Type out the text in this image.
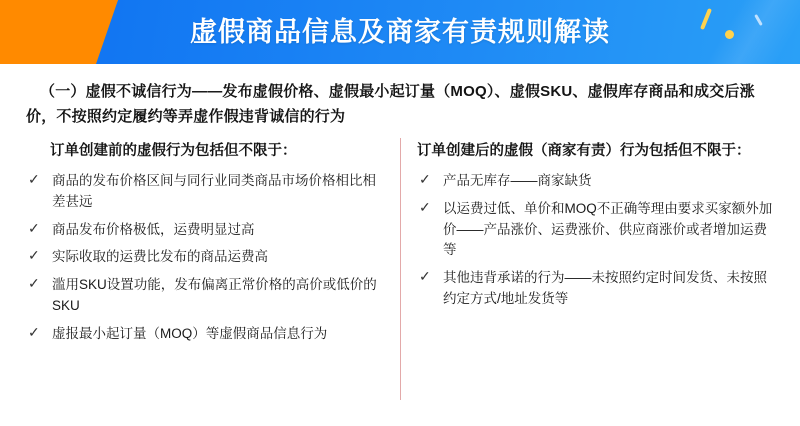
虚假商品信息及商家有责规则解读

（一）虚假不诚信行为——发布虚假价格、虚假最小起订量（MOQ）、虚假SKU、虚假库存商品和成交后涨价，不按照约定履约等弄虚作假违背诚信的行为

订单创建前的虚假行为包括但不限于：
✓ 商品的发布价格区间与同行业同类商品市场价格相比相差甚远
✓ 商品发布价格极低，运费明显过高
✓ 实际收取的运费比发布的商品运费高
✓ 滥用SKU设置功能，发布偏离正常价格的高价或低价的SKU
✓ 虚报最小起订量（MOQ）等虚假商品信息行为
订单创建后的虚假（商家有责）行为包括但不限于：
✓ 产品无库存——商家缺货
✓ 以运费过低、单价和MOQ不正确等理由要求买家额外加价——产品涨价、运费涨价、供应商涨价或者增加运费等
✓ 其他违背承诺的行为——未按照约定时间发货、未按照约定方式/地址发货等
